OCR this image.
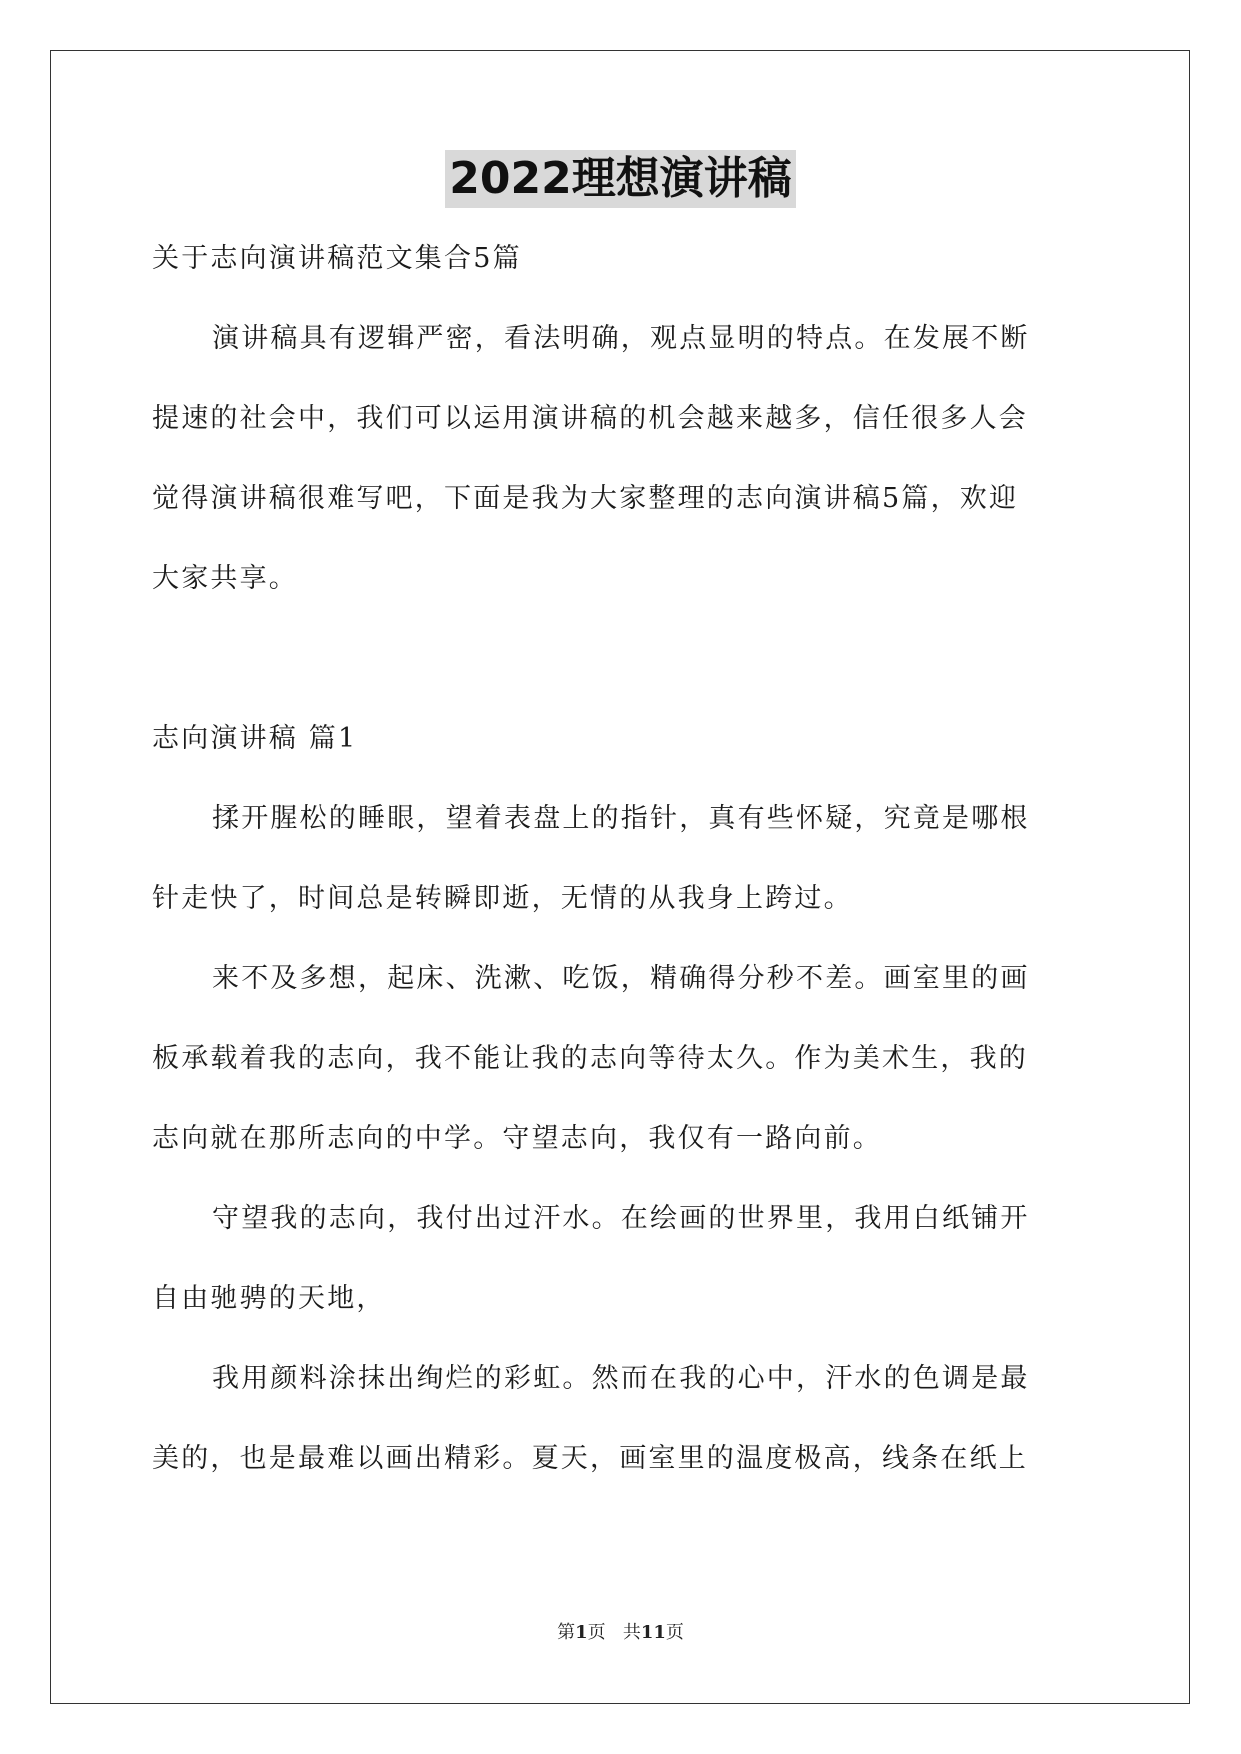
2022理想演讲稿
关于志向演讲稿范文集合5篇
演讲稿具有逻辑严密，看法明确，观点显明的特点。在发展不断
提速的社会中，我们可以运用演讲稿的机会越来越多，信任很多人会
觉得演讲稿很难写吧，下面是我为大家整理的志向演讲稿5篇，欢迎
大家共享。
志向演讲稿 篇1
揉开腥松的睡眼，望着表盘上的指针，真有些怀疑，究竟是哪根
针走快了，时间总是转瞬即逝，无情的从我身上跨过。
来不及多想，起床、洗漱、吃饭，精确得分秒不差。画室里的画
板承载着我的志向，我不能让我的志向等待太久。作为美术生，我的
志向就在那所志向的中学。守望志向，我仅有一路向前。
守望我的志向，我付出过汗水。在绘画的世界里，我用白纸铺开
自由驰骋的天地，
我用颜料涂抹出绚烂的彩虹。然而在我的心中，汗水的色调是最
美的，也是最难以画出精彩。夏天，画室里的温度极高，线条在纸上
第1页 共11页
